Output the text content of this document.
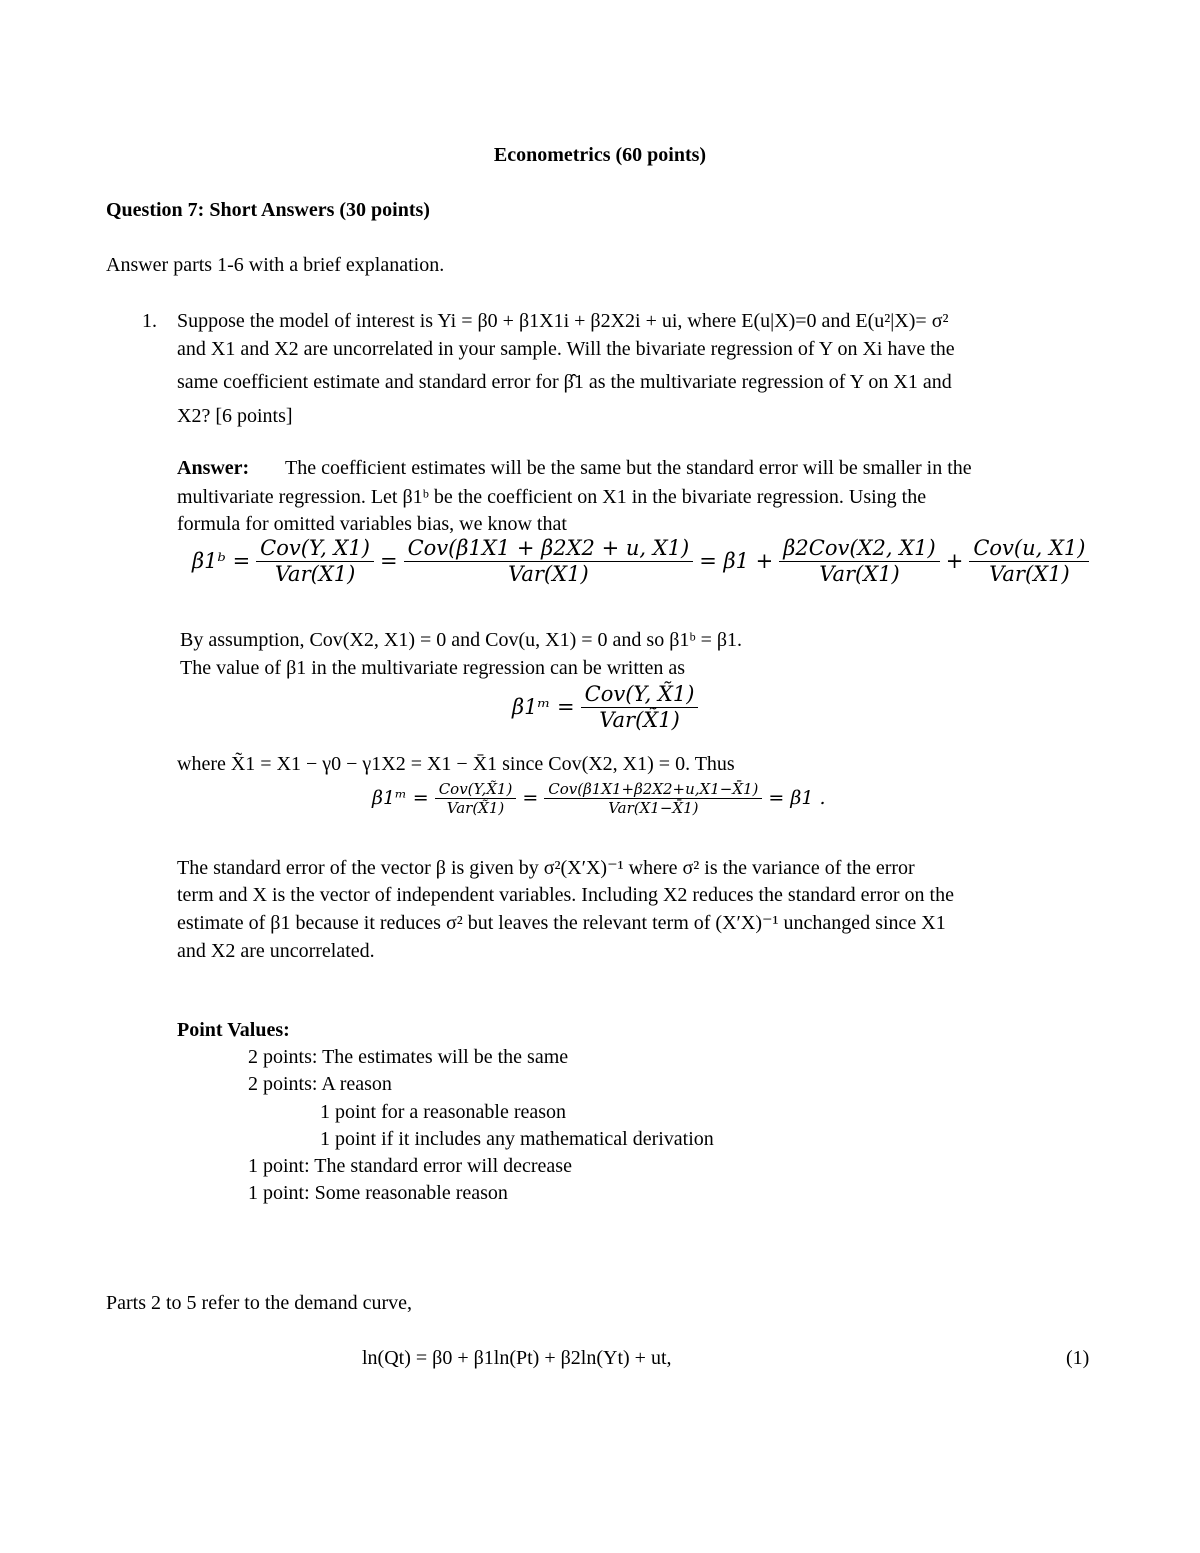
Econometrics (60 points)
Question 7: Short Answers (30 points)
Answer parts 1-6 with a brief explanation.
1. Suppose the model of interest is Yi = β0 + β1X1i + β2X2i + ui, where E(u|X)=0 and E(u²|X)= σ²
and X1 and X2 are uncorrelated in your sample. Will the bivariate regression of Y on Xi have the
same coefficient estimate and standard error for β̂1 as the multivariate regression of Y on X1 and
X2? [6 points]
Answer: The coefficient estimates will be the same but the standard error will be smaller in the
multivariate regression. Let β1ᵇ be the coefficient on X1 in the bivariate regression. Using the
formula for omitted variables bias, we know that
β1ᵇ = $\frac{\text{Cov(Y, X1)}}{\text{Var(X1)}} = \frac{\text{Cov(β1X1 + β2X2 + u, X1)}}{\text{Var(X1)}} = \beta 1 + \frac{\text{β2Cov(X2, X1)}}{\text{Var(X1)}} + \frac{\text{Cov(u, X1)}}{\text{Var(X1)}}$
By assumption, Cov(X2, X1) = 0 and Cov(u, X1) = 0 and so β1ᵇ = β1.
The value of β1 in the multivariate regression can be written as
β1ᵐ = $\frac{\text{Cov(Y, X̃1)}}{\text{Var(X̃1)}}$
where X̃1 = X1 − γ0 − γ1X2 = X1 − X̄1 since Cov(X2, X1) = 0. Thus
β1ᵐ = $\frac{\text{Cov(Y,X̃1)}}{\text{Var(X̃1)}} = \frac{\text{Cov(β1X1+β2X2+u,X1−X̄1)}}{\text{Var(X1−X̄1)}} = \beta 1$ .
The standard error of the vector β is given by σ²(X′X)⁻¹ where σ² is the variance of the error
term and X is the vector of independent variables. Including X2 reduces the standard error on the
estimate of β1 because it reduces σ² but leaves the relevant term of (X′X)⁻¹ unchanged since X1
and X2 are uncorrelated.
Point Values:
2 points: The estimates will be the same
2 points: A reason
1 point for a reasonable reason
1 point if it includes any mathematical derivation
1 point: The standard error will decrease
1 point: Some reasonable reason
Parts 2 to 5 refer to the demand curve,
ln(Qt) = β0 + β1ln(Pt) + β2ln(Yt) + ut,	(1)
